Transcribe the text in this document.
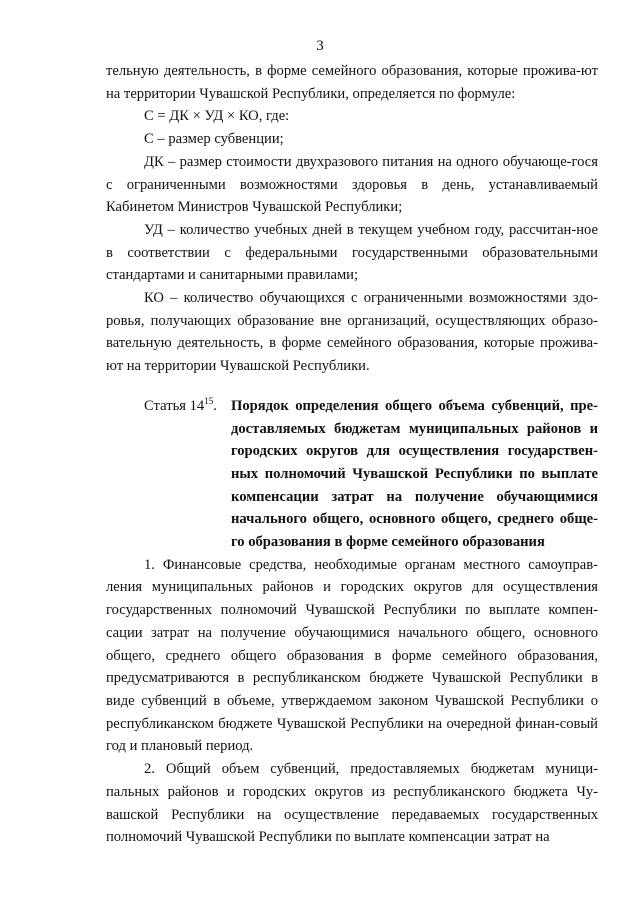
3

тельную деятельность, в форме семейного образования, которые прожива-ют на территории Чувашской Республики, определяется по формуле:

С = ДК × УД × КО, где:

С – размер субвенции;

ДК – размер стоимости двухразового питания на одного обучающе-гося с ограниченными возможностями здоровья в день, устанавливаемый Кабинетом Министров Чувашской Республики;

УД – количество учебных дней в текущем учебном году, рассчитан-ное в соответствии с федеральными государственными образовательными стандартами и санитарными правилами;

КО – количество обучающихся с ограниченными возможностями здо-ровья, получающих образование вне организаций, осуществляющих образо-вательную деятельность, в форме семейного образования, которые прожива-ют на территории Чувашской Республики.

Статья $14^{15}$. Порядок определения общего объема субвенций, пре-доставляемых бюджетам муниципальных районов и городских округов для осуществления государствен-ных полномочий Чувашской Республики по выплате компенсации затрат на получение обучающимися начального общего, основного общего, среднего обще-го образования в форме семейного образования

1. Финансовые средства, необходимые органам местного самоуправ-ления муниципальных районов и городских округов для осуществления государственных полномочий Чувашской Республики по выплате компен-сации затрат на получение обучающимися начального общего, основного общего, среднего общего образования в форме семейного образования, предусматриваются в республиканском бюджете Чувашской Республики в виде субвенций в объеме, утверждаемом законом Чувашской Республики о республиканском бюджете Чувашской Республики на очередной финан-совый год и плановый период.

2. Общий объем субвенций, предоставляемых бюджетам муници-пальных районов и городских округов из республиканского бюджета Чу-вашской Республики на осуществление передаваемых государственных полномочий Чувашской Республики по выплате компенсации затрат на
